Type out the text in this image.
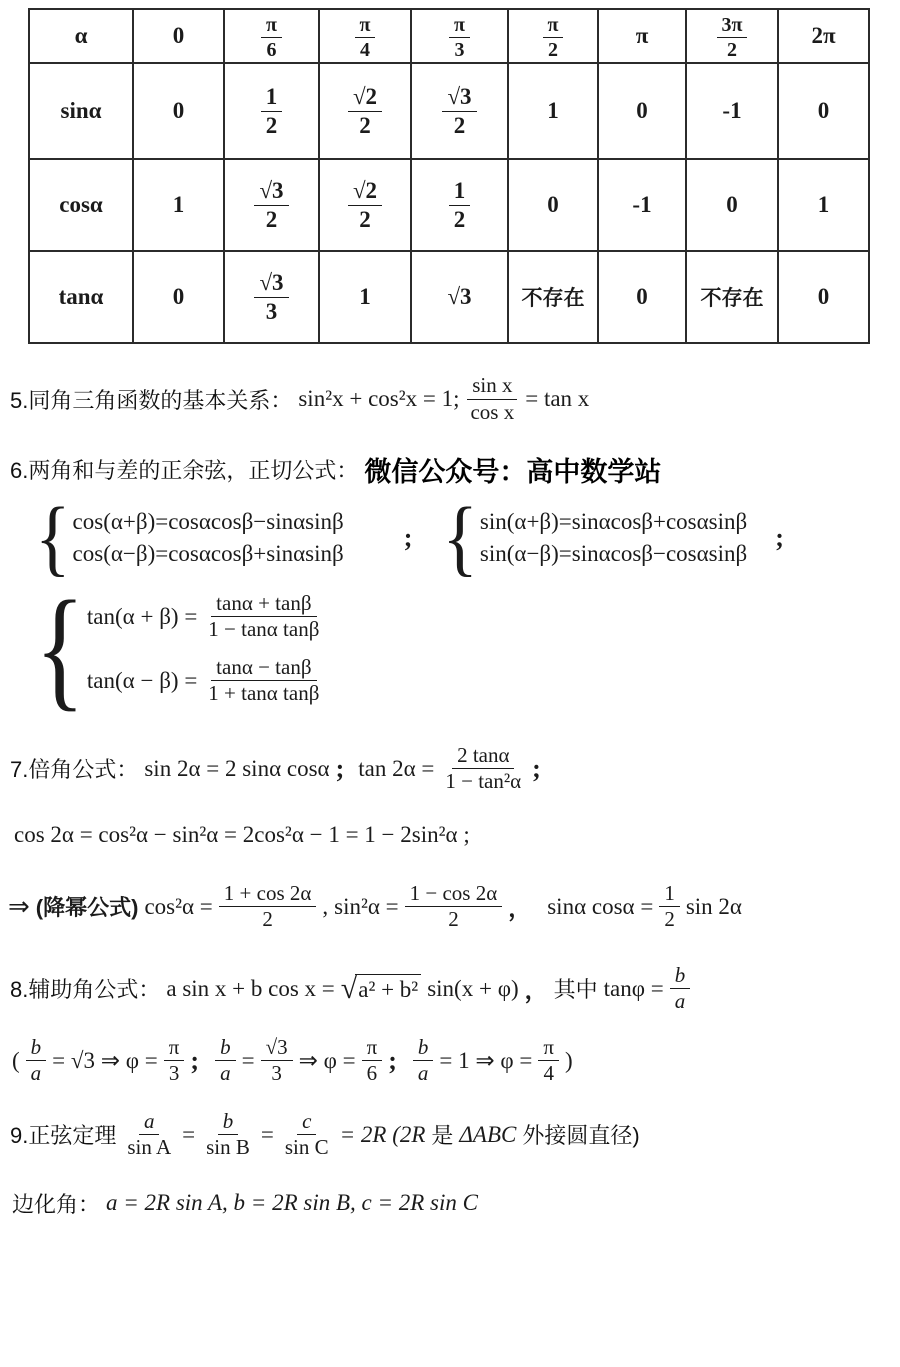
α	0	$\frac{\pi}{6}$	$\frac{\pi}{4}$	$\frac{\pi}{3}$	$\frac{\pi}{2}$	π	$\frac{3\pi}{2}$	2π
sinα	0	$\frac{1}{2}$	$\frac{√2}{2}$	$\frac{√3}{2}$	1	0	-1	0
cosα	1	$\frac{√3}{2}$	$\frac{√2}{2}$	$\frac{1}{2}$	0	-1	0	1
tanα	0	$\frac{√3}{3}$	1	√3	不存在	0	不存在	0
5.同角三角函数的基本关系： sin²x + cos²x = 1; $\frac{\text{sin x}}{\text{cos x}} = \tan x$
6.两角和与差的正余弦，正切公式： 微信公众号：高中数学站
{ cos(α+β)=cosαcosβ−sinαsinβ
cos(α−β)=cosαcosβ+sinαsinβ
; { sin(α+β)=sinαcosβ+cosαsinβ
sin(α−β)=sinαcosβ−cosαsinβ
;
{ $\tan(\alpha + \beta) = \frac{\tan\alpha + \tan\beta}{\text{1 − tanα tanβ}}$
$\tan(\alpha - \beta) = \frac{\tan\alpha - \tan\beta}{\text{1 + tanα tanβ}}$
7.倍角公式： sin 2α = 2 sinα cosα ; $\tan 2\alpha = \frac{2 \tan\alpha}{\text{1 − tan²α}}$ ;
cos 2α = cos²α − sin²α = 2cos²α − 1 = 1 − 2sin²α ;
⇒ (降幂公式) $\cos^2\alpha = \frac{1 + \cos 2\alpha}{2}$ , $\sin^2\alpha = \frac{1 - \cos 2\alpha}{2}$ ， sinα $\cos\alpha = \frac{1}{2}$ sin 2α
8.辅助角公式： a sin x + b cos x = √ a² + b² sin(x + φ) ， 其中 $\tan\varphi = \frac{b}{a}$
( $\frac{b}{a} = √3$ ⇒ $\varphi = \frac{\pi}{3}$ ; $\frac{b}{a} = \frac{√3}{3}$ ⇒ $\varphi = \frac{\pi}{6}$ ; $\frac{b}{a} = 1$ ⇒ $\varphi = \frac{\pi}{4}$ )
9.正弦定理 $\frac{a}{\text{sin A}} = \frac{b}{\text{sin B}} = \frac{c}{\text{sin C}} = 2R$ (2R 是 ΔABC 外接圆直径)
边化角： a = 2R sin A, b = 2R sin B, c = 2R sin C
